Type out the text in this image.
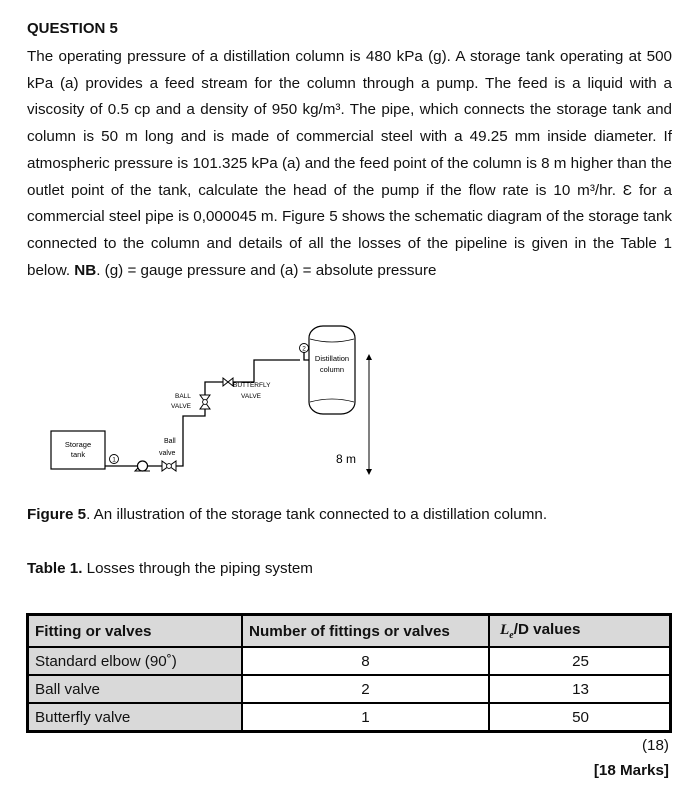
QUESTION 5
The operating pressure of a distillation column is 480 kPa (g). A storage tank operating at 500 kPa (a) provides a feed stream for the column through a pump. The feed is a liquid with a viscosity of 0.5 cp and a density of 950 kg/m³. The pipe, which connects the storage tank and column is 50 m long and is made of commercial steel with a 49.25 mm inside diameter. If atmospheric pressure is 101.325 kPa (a) and the feed point of the column is 8 m higher than the outlet point of the tank, calculate the head of the pump if the flow rate is 10 m³/hr. Ɛ for a commercial steel pipe is 0,000045 m. Figure 5 shows the schematic diagram of the storage tank connected to the column and details of all the losses of the pipeline is given in the Table 1 below. NB. (g) = gauge pressure and (a) = absolute pressure
Storage
tank
1
Ball
valve
BALL
VALVE
BUTTERFLY
VALVE
2
Distillation
column
8 m
Figure 5. An illustration of the storage tank connected to a distillation column.
Table 1. Losses through the piping system
Fitting or valves	Number of fittings or valves	$L_e/D$ values
Standard elbow (90˚)	8	25
Ball valve	2	13
Butterfly valve	1	50
(18)
[18 Marks]
